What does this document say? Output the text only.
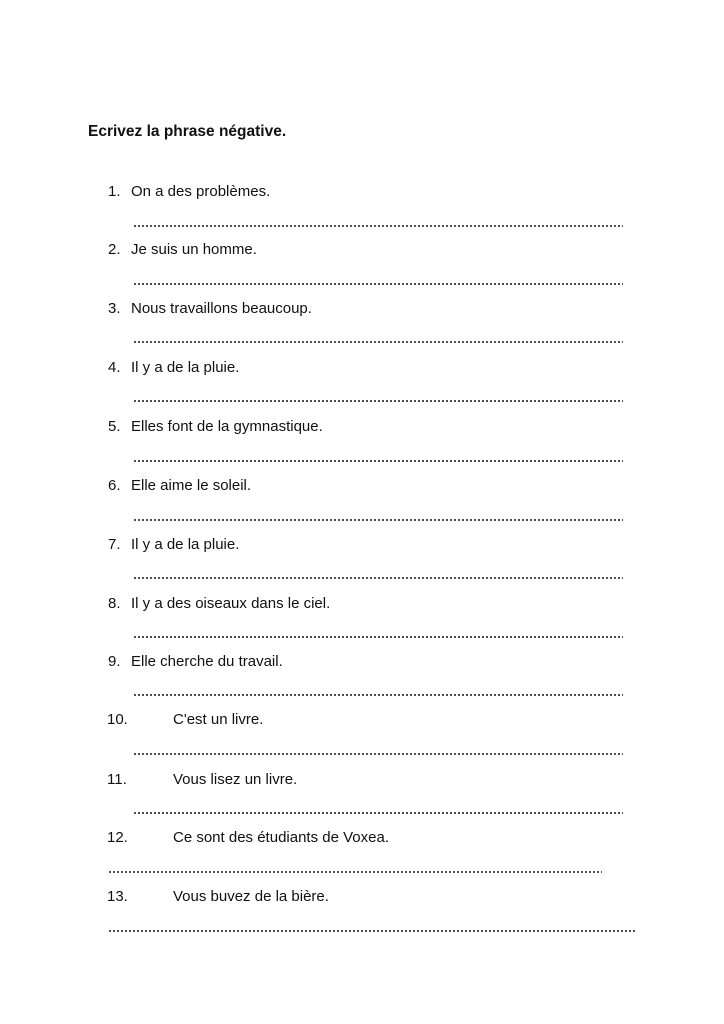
Ecrivez la phrase négative.
1. On a des problèmes.
2. Je suis un homme.
3. Nous travaillons beaucoup.
4. Il y a de la pluie.
5. Elles font de la gymnastique.
6. Elle aime le soleil.
7. Il y a de la pluie.
8. Il y a des oiseaux dans le ciel.
9. Elle cherche du travail.
10.	C'est un livre.
11.	Vous lisez un livre.
12.	Ce sont des étudiants de Voxea.
13.	Vous buvez de la bière.
